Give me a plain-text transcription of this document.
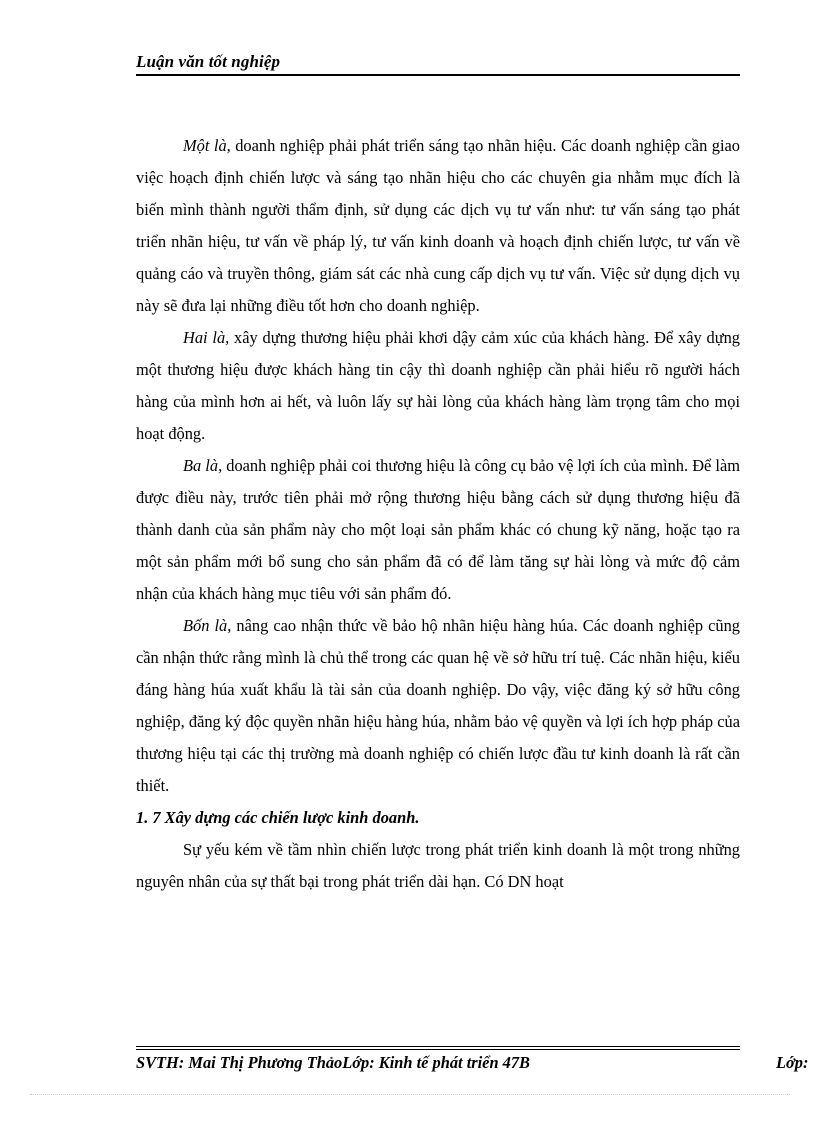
Luận văn tốt nghiệp

Một là, doanh nghiệp phải phát triển sáng tạo nhãn hiệu. Các doanh nghiệp cần giao việc hoạch định chiến lược và sáng tạo nhãn hiệu cho các chuyên gia nhằm mục đích là biến mình thành người thẩm định, sử dụng các dịch vụ tư vấn như: tư vấn sáng tạo phát triển nhãn hiệu, tư vấn về pháp lý, tư vấn kinh doanh và hoạch định chiến lược, tư vấn về quảng cáo và truyền thông, giám sát các nhà cung cấp dịch vụ tư vấn. Việc sử dụng dịch vụ này sẽ đưa lại những điều tốt hơn cho doanh nghiệp.

Hai là, xây dựng thương hiệu phải khơi dậy cảm xúc của khách hàng. Để xây dựng một thương hiệu được khách hàng tin cậy thì doanh nghiệp cần phải hiểu rõ người hách hàng của mình hơn ai hết, và luôn lấy sự hài lòng của khách hàng làm trọng tâm cho mọi hoạt động.

Ba là, doanh nghiệp phải coi thương hiệu là công cụ bảo vệ lợi ích của mình. Để làm được điều này, trước tiên phải mở rộng thương hiệu bằng cách sử dụng thương hiệu đã thành danh của sản phẩm này cho một loại sản phẩm khác có chung kỹ năng, hoặc tạo ra một sản phẩm mới bổ sung cho sản phẩm đã có để làm tăng sự hài lòng và mức độ cảm nhận của khách hàng mục tiêu với sản phẩm đó.

Bốn là, nâng cao nhận thức về bảo hộ nhãn hiệu hàng húa. Các doanh nghiệp cũng cần nhận thức rằng mình là chủ thể trong các quan hệ về sở hữu trí tuệ. Các nhãn hiệu, kiểu đáng hàng húa xuất khẩu là tài sản của doanh nghiệp. Do vậy, việc đăng ký sở hữu công nghiệp, đăng ký độc quyền nhãn hiệu hàng húa, nhằm bảo vệ quyền và lợi ích hợp pháp của thương hiệu tại các thị trường mà doanh nghiệp có chiến lược đầu tư kinh doanh là rất cần thiết.

1. 7 Xây dựng các chiến lược kinh doanh.

Sự yếu kém về tầm nhìn chiến lược trong phát triển kinh doanh là một trong những nguyên nhân của sự thất bại trong phát triển dài hạn. Có DN hoạt

SVTH: Mai Thị Phương ThảoLớp: Kinh tế phát triển 47B	Lớp:
